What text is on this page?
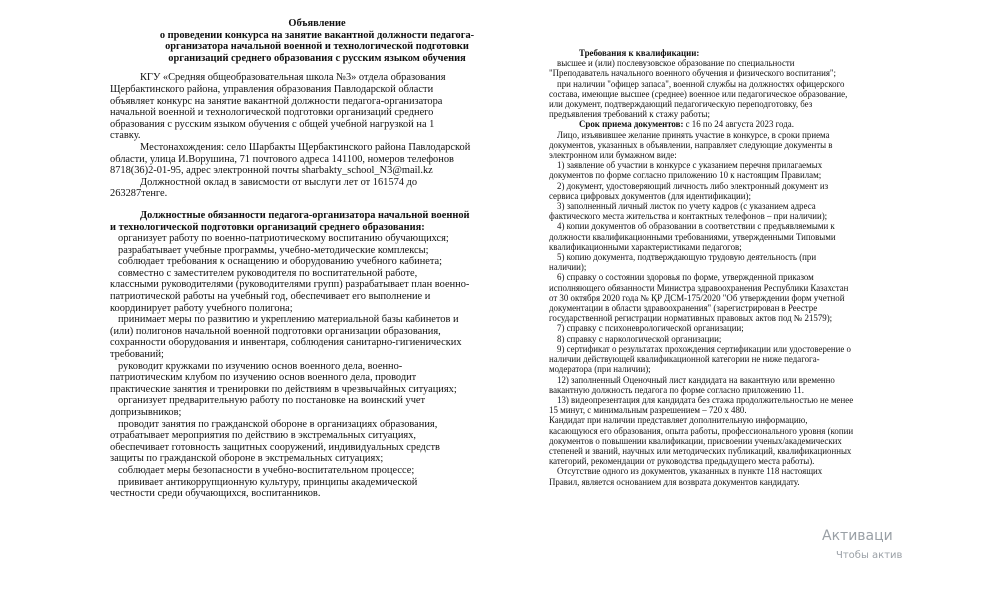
Объявление
о проведении конкурса на занятие вакантной должности педагога-
организатора начальной военной и технологической подготовки
организаций среднего образования с русским языком обучения
КГУ «Средняя общеобразовательная школа №3» отдела образования
Щербактинского района, управления образования Павлодарской области
объявляет конкурс на занятие вакантной должности педагога-организатора
начальной военной и технологической подготовки организаций среднего
образования с русским языком обучения с общей учебной нагрузкой на 1
ставку.
Местонахождения: село Шарбакты Щербактинского района Павлодарской
области, улица И.Ворушина, 71 почтового адреса 141100, номеров телефонов
8718(36)2-01-95, адрес электронной почты sharbakty_school_N3@mail.kz
Должностной оклад в зависмости от выслуги лет от 161574 до
263287тенге.
Должностные обязанности педагога-организатора начальной военной
и технологической подготовки организаций среднего образования:
организует работу по военно-патриотическому воспитанию обучающихся;
разрабатывает учебные программы, учебно-методические комплексы;
соблюдает требования к оснащению и оборудованию учебного кабинета;
совместно с заместителем руководителя по воспитательной работе,
классными руководителями (руководителями групп) разрабатывает план военно-
патриотической работы на учебный год, обеспечивает его выполнение и
координирует работу учебного полигона;
принимает меры по развитию и укреплению материальной базы кабинетов и
(или) полигонов начальной военной подготовки организации образования,
сохранности оборудования и инвентаря, соблюдения санитарно-гигиенических
требований;
руководит кружками по изучению основ военного дела, военно-
патриотическим клубом по изучению основ военного дела, проводит
практические занятия и тренировки по действиям в чрезвычайных ситуациях;
организует предварительную работу по постановке на воинский учет
допризывников;
проводит занятия по гражданской обороне в организациях образования,
отрабатывает мероприятия по действию в экстремальных ситуациях,
обеспечивает готовность защитных сооружений, индивидуальных средств
защиты по гражданской обороне в экстремальных ситуациях;
соблюдает меры безопасности в учебно-воспитательном процессе;
прививает антикоррупционную культуру, принципы академической
честности среди обучающихся, воспитанников.
Требования к квалификации:
высшее и (или) послевузовское образование по специальности
"Преподаватель начального военного обучения и физического воспитания";
при наличии "офицер запаса", военной службы на должностях офицерского
состава, имеющие высшее (среднее) военное или педагогическое образование,
или документ, подтверждающий педагогическую переподготовку, без
предъявления требований к стажу работы;
Срок приема документов: с 16 по 24 августа 2023 года.
Лицо, изъявившее желание принять участие в конкурсе, в сроки приема
документов, указанных в объявлении, направляет следующие документы в
электронном или бумажном виде:
1) заявление об участии в конкурсе с указанием перечня прилагаемых
документов по форме согласно приложению 10 к настоящим Правилам;
2) документ, удостоверяющий личность либо электронный документ из
сервиса цифровых документов (для идентификации);
3) заполненный личный листок по учету кадров (с указанием адреса
фактического места жительства и контактных телефонов – при наличии);
4) копии документов об образовании в соответствии с предъявляемыми к
должности квалификационными требованиями, утвержденными Типовыми
квалификационными характеристиками педагогов;
5) копию документа, подтверждающую трудовую деятельность (при
наличии);
6) справку о состоянии здоровья по форме, утвержденной приказом
исполняющего обязанности Министра здравоохранения Республики Казахстан
от 30 октября 2020 года № ҚР ДСМ-175/2020 "Об утверждении форм учетной
документации в области здравоохранения" (зарегистрирован в Реестре
государственной регистрации нормативных правовых актов под № 21579);
7) справку с психоневрологической организации;
8) справку с наркологической организации;
9) сертификат о результатах прохождения сертификации или удостоверение о
наличии действующей квалификационной категории не ниже педагога-
модератора (при наличии);
12) заполненный Оценочный лист кандидата на вакантную или временно
вакантную должность педагога по форме согласно приложению 11.
13) видеопрезентация для кандидата без стажа продолжительностью не менее
15 минут, с минимальным разрешением – 720 x 480.
Кандидат при наличии представляет дополнительную информацию,
касающуюся его образования, опыта работы, профессионального уровня (копии
документов о повышении квалификации, присвоении ученых/академических
степеней и званий, научных или методических публикаций, квалификационных
категорий, рекомендации от руководства предыдущего места работы).
Отсутствие одного из документов, указанных в пункте 118 настоящих
Правил, является основанием для возврата документов кандидату.
Активаци
Чтобы актив
